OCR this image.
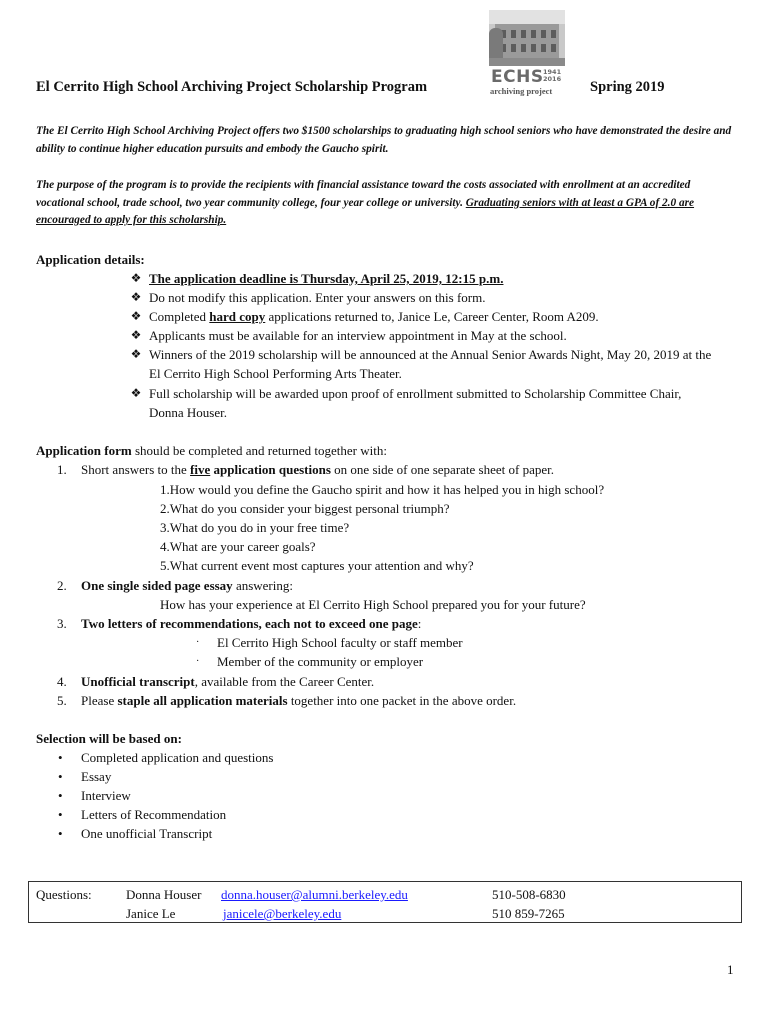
El Cerrito High School Archiving Project Scholarship Program	ECHS 1941
2016
archiving project	Spring 2019
The El Cerrito High School Archiving Project offers two $1500 scholarships to graduating high school seniors who have demonstrated the desire and ability to continue higher education pursuits and embody the Gaucho spirit.
The purpose of the program is to provide the recipients with financial assistance toward the costs associated with enrollment at an accredited vocational school, trade school, two year community college, four year college or university. Graduating seniors with at least a GPA of 2.0 are encouraged to apply for this scholarship.
Application details:
❖ The application deadline is Thursday, April 25, 2019, 12:15 p.m.
❖ Do not modify this application. Enter your answers on this form.
❖ Completed hard copy applications returned to, Janice Le, Career Center, Room A209.
❖ Applicants must be available for an interview appointment in May at the school.
❖ Winners of the 2019 scholarship will be announced at the Annual Senior Awards Night, May 20, 2019 at the El Cerrito High School Performing Arts Theater.
❖ Full scholarship will be awarded upon proof of enrollment submitted to Scholarship Committee Chair, Donna Houser.
Application form should be completed and returned together with:
1. Short answers to the five application questions on one side of one separate sheet of paper.
1.How would you define the Gaucho spirit and how it has helped you in high school?
2.What do you consider your biggest personal triumph?
3.What do you do in your free time?
4.What are your career goals?
5.What current event most captures your attention and why?
2. One single sided page essay answering:
How has your experience at El Cerrito High School prepared you for your future?
3. Two letters of recommendations, each not to exceed one page:
· El Cerrito High School faculty or staff member
· Member of the community or employer
4. Unofficial transcript, available from the Career Center.
5. Please staple all application materials together into one packet in the above order.
Selection will be based on:
• Completed application and questions
• Essay
• Interview
• Letters of Recommendation
• One unofficial Transcript
Questions:	Donna Houser donna.houser@alumni.berkeley.edu	510-508-6830
Janice Le	janicele@berkeley.edu	510 859-7265
1
